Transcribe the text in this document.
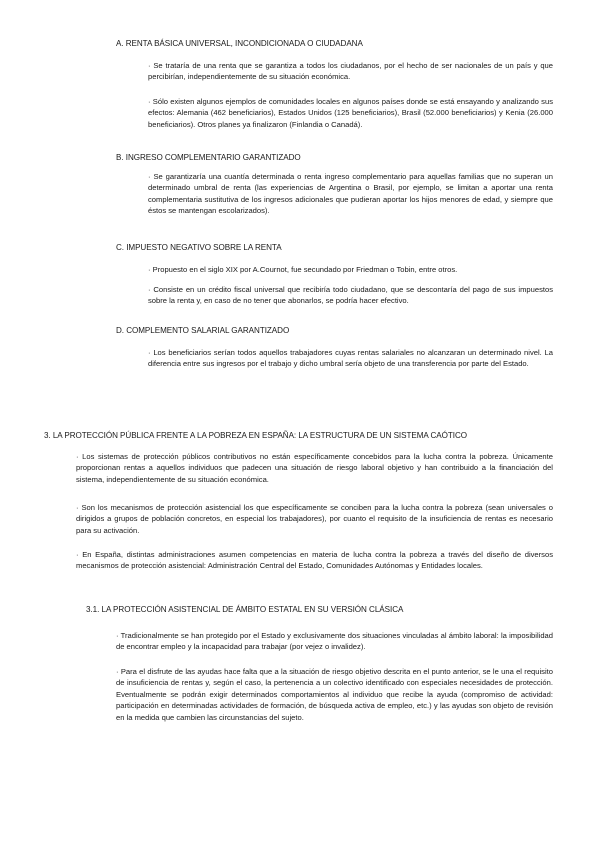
A. RENTA BÁSICA UNIVERSAL, INCONDICIONADA O CIUDADANA

· Se trataría de una renta que se garantiza a todos los ciudadanos, por el hecho de ser nacionales de un país y que percibirían, independientemente de su situación económica.

· Sólo existen algunos ejemplos de comunidades locales en algunos países donde se está ensayando y analizando sus efectos: Alemania (462 beneficiarios), Estados Unidos (125 beneficiarios), Brasil (52.000 beneficiarios) y Kenia (26.000 beneficiarios). Otros planes ya finalizaron (Finlandia o Canadá).

B. INGRESO COMPLEMENTARIO GARANTIZADO

· Se garantizaría una cuantía determinada o renta ingreso complementario para aquellas familias que no superan un determinado umbral de renta (las experiencias de Argentina o Brasil, por ejemplo, se limitan a aportar una renta complementaria sustitutiva de los ingresos adicionales que pudieran aportar los hijos menores de edad, y siempre que éstos se mantengan escolarizados).

C. IMPUESTO NEGATIVO SOBRE LA RENTA

· Propuesto en el siglo XIX por A.Cournot, fue secundado por Friedman o Tobin, entre otros.

· Consiste en un crédito fiscal universal que recibiría todo ciudadano, que se descontaría del pago de sus impuestos sobre la renta y, en caso de no tener que abonarlos, se podría hacer efectivo.

D. COMPLEMENTO SALARIAL GARANTIZADO

· Los beneficiarios serían todos aquellos trabajadores cuyas rentas salariales no alcanzaran un determinado nivel. La diferencia entre sus ingresos por el trabajo y dicho umbral sería objeto de una transferencia por parte del Estado.

3. LA PROTECCIÓN PÚBLICA FRENTE A LA POBREZA EN ESPAÑA: LA ESTRUCTURA DE UN SISTEMA CAÓTICO

· Los sistemas de protección públicos contributivos no están específicamente concebidos para la lucha contra la pobreza. Únicamente proporcionan rentas a aquellos individuos que padecen una situación de riesgo laboral objetivo y han contribuido a la financiación del sistema, independientemente de su situación económica.

· Son los mecanismos de protección asistencial los que específicamente se conciben para la lucha contra la pobreza (sean universales o dirigidos a grupos de población concretos, en especial los trabajadores), por cuanto el requisito de la insuficiencia de rentas es necesario para su activación.

· En España, distintas administraciones asumen competencias en materia de lucha contra la pobreza a través del diseño de diversos mecanismos de protección asistencial: Administración Central del Estado, Comunidades Autónomas y Entidades locales.

3.1. LA PROTECCIÓN ASISTENCIAL DE ÁMBITO ESTATAL EN SU VERSIÓN CLÁSICA

· Tradicionalmente se han protegido por el Estado y exclusivamente dos situaciones vinculadas al ámbito laboral: la imposibilidad de encontrar empleo y la incapacidad para trabajar (por vejez o invalidez).

· Para el disfrute de las ayudas hace falta que a la situación de riesgo objetivo descrita en el punto anterior, se le una el requisito de insuficiencia de rentas y, según el caso, la pertenencia a un colectivo identificado con especiales necesidades de protección. Eventualmente se podrán exigir determinados comportamientos al individuo que recibe la ayuda (compromiso de actividad: participación en determinadas actividades de formación, de búsqueda activa de empleo, etc.) y las ayudas son objeto de revisión en la medida que cambien las circunstancias del sujeto.
